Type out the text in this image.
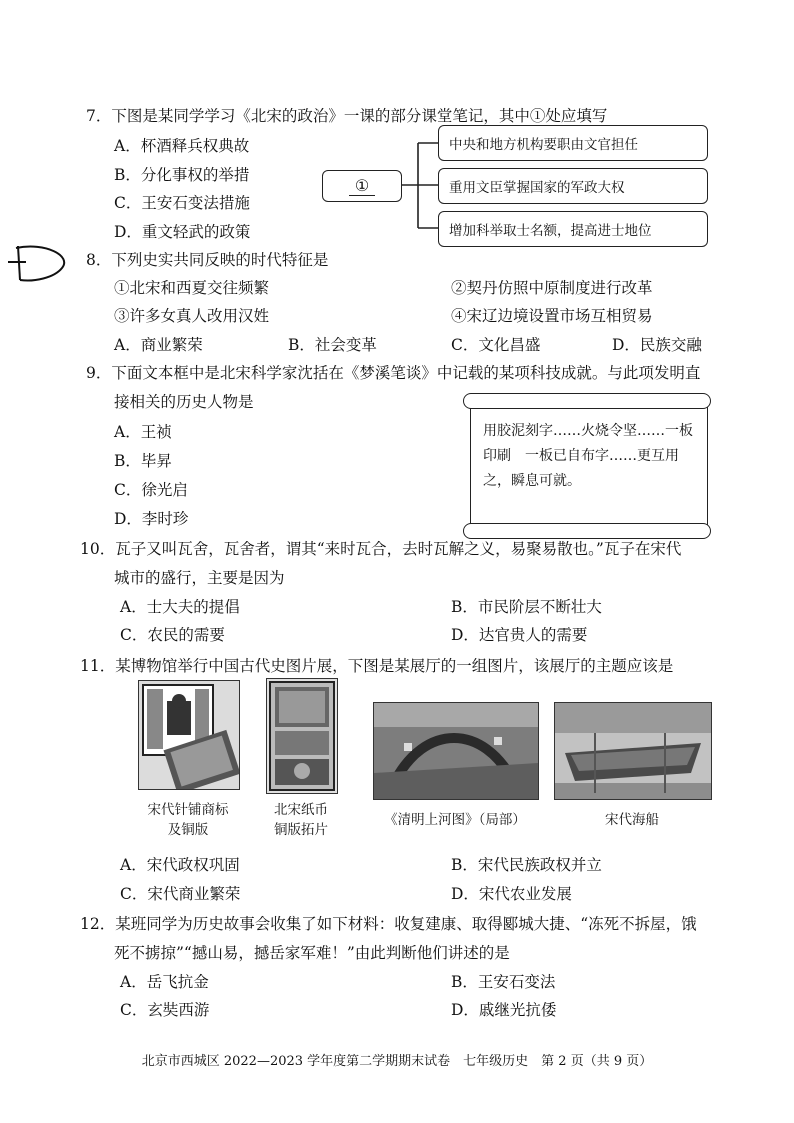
7．下图是某同学学习《北宋的政治》一课的部分课堂笔记，其中①处应填写
A．杯酒释兵权典故
B．分化事权的举措
C．王安石变法措施
D．重文轻武的政策
①
中央和地方机构要职由文官担任
重用文臣掌握国家的军政大权
增加科举取士名额，提高进士地位
8．下列史实共同反映的时代特征是
①北宋和西夏交往频繁	②契丹仿照中原制度进行改革
③许多女真人改用汉姓	④宋辽边境设置市场互相贸易
A．商业繁荣	B．社会变革	C．文化昌盛	D．民族交融
9．下面文本框中是北宋科学家沈括在《梦溪笔谈》中记载的某项科技成就。与此项发明直
接相关的历史人物是
A．王祯
B．毕昇
C．徐光启
D．李时珍
用胶泥刻字……火烧令坚……一板印刷　一板已自布字……更互用之，瞬息可就。
10．瓦子又叫瓦舍，瓦舍者，谓其“来时瓦合，去时瓦解之义，易聚易散也。”瓦子在宋代
城市的盛行，主要是因为
A．士大夫的提倡	B．市民阶层不断壮大
C．农民的需要	D．达官贵人的需要
11．某博物馆举行中国古代史图片展，下图是某展厅的一组图片，该展厅的主题应该是
宋代针铺商标
及铜版
北宋纸币
铜版拓片
《清明上河图》（局部）	宋代海船
A．宋代政权巩固	B．宋代民族政权并立
C．宋代商业繁荣	D．宋代农业发展
12．某班同学为历史故事会收集了如下材料：收复建康、取得郾城大捷、“冻死不拆屋，饿
死不掳掠”“撼山易，撼岳家军难！”由此判断他们讲述的是
A．岳飞抗金	B．王安石变法
C．玄奘西游	D．戚继光抗倭
北京市西城区 2022—2023 学年度第二学期期末试卷　七年级历史　第 2 页（共 9 页）
